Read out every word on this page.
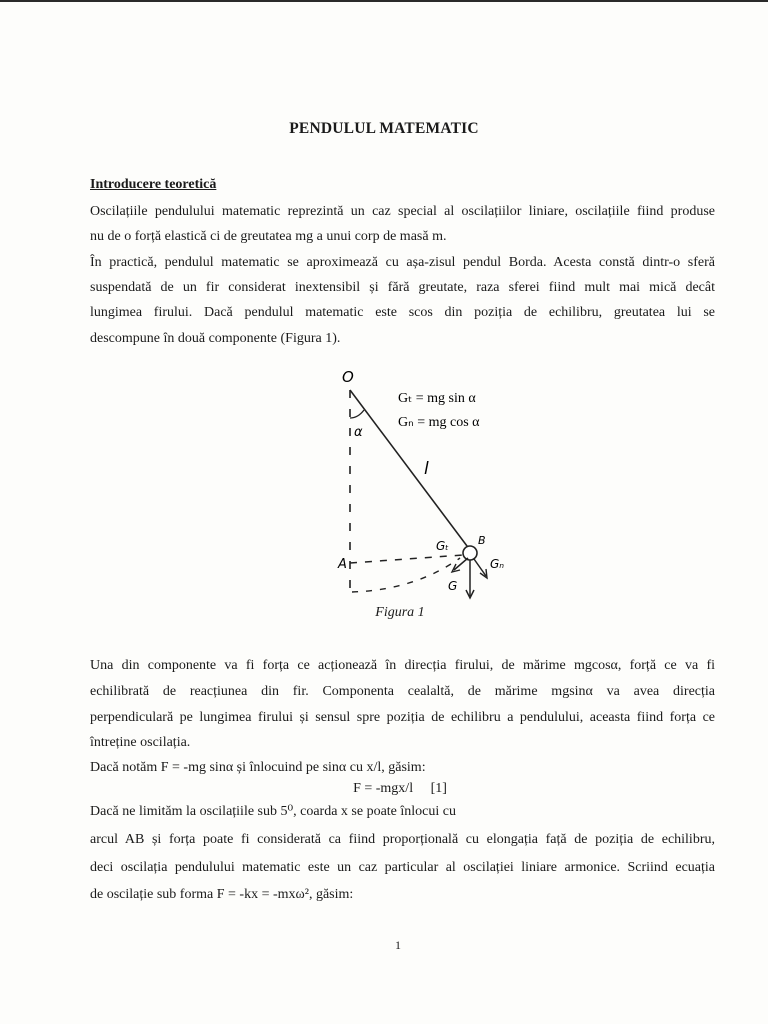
PENDULUL MATEMATIC
Introducere teoretică
Oscilațiile pendulului matematic reprezintă un caz special al oscilațiilor liniare, oscilațiile fiind produse
nu de o forță elastică ci de greutatea mg a unui corp de masă m.
În practică, pendulul matematic se aproximează cu așa-zisul pendul Borda. Acesta constă dintr-o sferă
suspendată de un fir considerat inextensibil și fără greutate, raza sferei fiind mult mai mică decât
lungimea firului. Dacă pendulul matematic este scos din poziția de echilibru, greutatea lui se
descompune în două componente (Figura 1).
O
α
l
A
B
G
Gₜ
Gₙ
Gₜ = mg sin α
Gₙ = mg cos α
Figura 1
Una din componente va fi forța ce acționează în direcția firului, de mărime mgcosα, forță ce va fi
echilibrată de reacțiunea din fir. Componenta cealaltă, de mărime mgsinα va avea direcția
perpendiculară pe lungimea firului și sensul spre poziția de echilibru a pendulului, aceasta fiind forța ce
întreține oscilația.
Dacă notăm F = -mg sinα și înlocuind pe sinα cu x/l, găsim:
F = -mgx/l     [1]
Dacă ne limităm la oscilațiile sub 5⁰, coarda x se poate înlocui cu
arcul AB și forța poate fi considerată ca fiind proporțională cu elongația față de poziția de echilibru,
deci oscilația pendulului matematic este un caz particular al oscilației liniare armonice. Scriind ecuația
de oscilație sub forma F = -kx = -mxω², găsim:
1
